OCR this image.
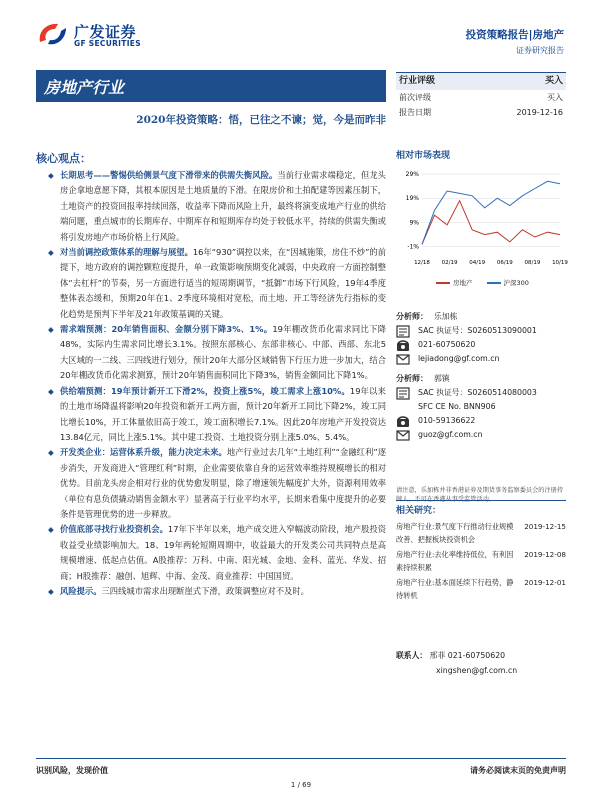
广发证券
GF SECURITIES
投资策略报告|房地产
证券研究报告
房地产行业
2020年投资策略：悟，已往之不谏；觉，今是而昨非
核心观点：
◆ 长期思考——警惕供给侧景气度下滑带来的供需失衡风险。当前行业需求端稳定，但龙头房企拿地意愿下降，其根本原因是土地质量的下滑。在限房价和土拍配建等因素压制下，土地资产的投资回报率持续回落，收益率下降而风险上升，最终将演变成地产行业的供给端问题，重点城市的长期库存、中期库存和短期库存均处于较低水平，持续的供需失衡或将引发房地产市场价格上行风险。
◆ 对当前调控政策体系的理解与展望。16年“930”调控以来，在“因城施策，房住不炒”的前提下，地方政府的调控颗粒度提升，单一政策影响预期变化减弱，中央政府一方面控制整体“去杠杆”的节奏，另一方面进行适当的短周期调节，“抵御”市场下行风险，19年4季度整体表态缓和，预期20年在1、2季度环境相对宽松，而土地、开工等经济先行指标的变化趋势是预判下半年及21年政策基调的关键。
◆ 需求端预测：20年销售面积、金额分别下降3%、1%。19年棚改货币化需求同比下降48%，实际内生需求同比增长3.1%。按照东部核心、东部非核心、中部、西部、东北5大区域的一二线、三四线进行划分，预计20年大部分区域销售下行压力进一步加大，结合20年棚改货币化需求测算，预计20年销售面积同比下降3%，销售金额同比下降1%。
◆ 供给端预测：19年预计新开工下滑2%，投资上涨5%，竣工需求上涨10%。19年以来的土地市场降温将影响20年投资和新开工两方面，预计20年新开工同比下降2%，竣工同比增长10%，开工体量依旧高于竣工，竣工面积增长7.1%。因此20年房地产开发投资达13.84亿元，同比上涨5.1%。其中建工投资、土地投资分别上涨5.0%、5.4%。
◆ 开发类企业：运营体系升级，能力决定未来。地产行业过去几年“土地红利”“金融红利”逐步消失，开发商进入“管理红利”时期，企业需要依靠自身的运营效率维持规模增长的相对优势。目前龙头房企相对行业的优势愈发明显，除了增速领先幅度扩大外，资源利用效率（单位有息负债撬动销售金额水平）显著高于行业平均水平，长期来看集中度提升的必要条件是管理优势的进一步释放。
◆ 价值底部寻找行业投资机会。17年下半年以来，地产成交进入窄幅波动阶段，地产股投资收益受业绩影响加大。18、19年两轮短期周期中，收益最大的开发类公司共同特点是高规模增速、低起点估值。A股推荐：万科、中南、阳光城、金地、金科、蓝光、华发、招商；H股推荐：融创、旭辉、中海、金茂、商业推荐：中国国贸。
◆ 风险提示。三四线城市需求出现断崖式下滑，政策调整应对不及时。
行业评级	买入
前次评级	买入
报告日期	2019-12-16
相对市场表现
29%
19%
9%
-1%
12/18 02/19 04/19 06/19 08/19 10/19
房地产	沪深300
分析师： 乐加栋
SAC 执证号：S0260513090001
021-60750620
lejiadong@gf.com.cn
分析师： 郭镇
SAC 执证号：S0260514080003
SFC CE No. BNN906
010-59136622
guoz@gf.com.cn
请注意，乐加栋并非香港证券及期货事务监察委员会的注册持牌人，不可在香港从事受监管活动。
相关研究：
房地产行业:景气度下行推动行业规模改善、把握板块投资机会
2019-12-15
房地产行业:去化率维持低位，有利因素持续积累
2019-12-08
房地产行业:基本面延续下行趋势，静待转机
2019-12-01
联系人： 邢菲 021-60750620
xingshen@gf.com.cn
识别风险，发现价值	请务必阅读末页的免责声明
1 / 69
